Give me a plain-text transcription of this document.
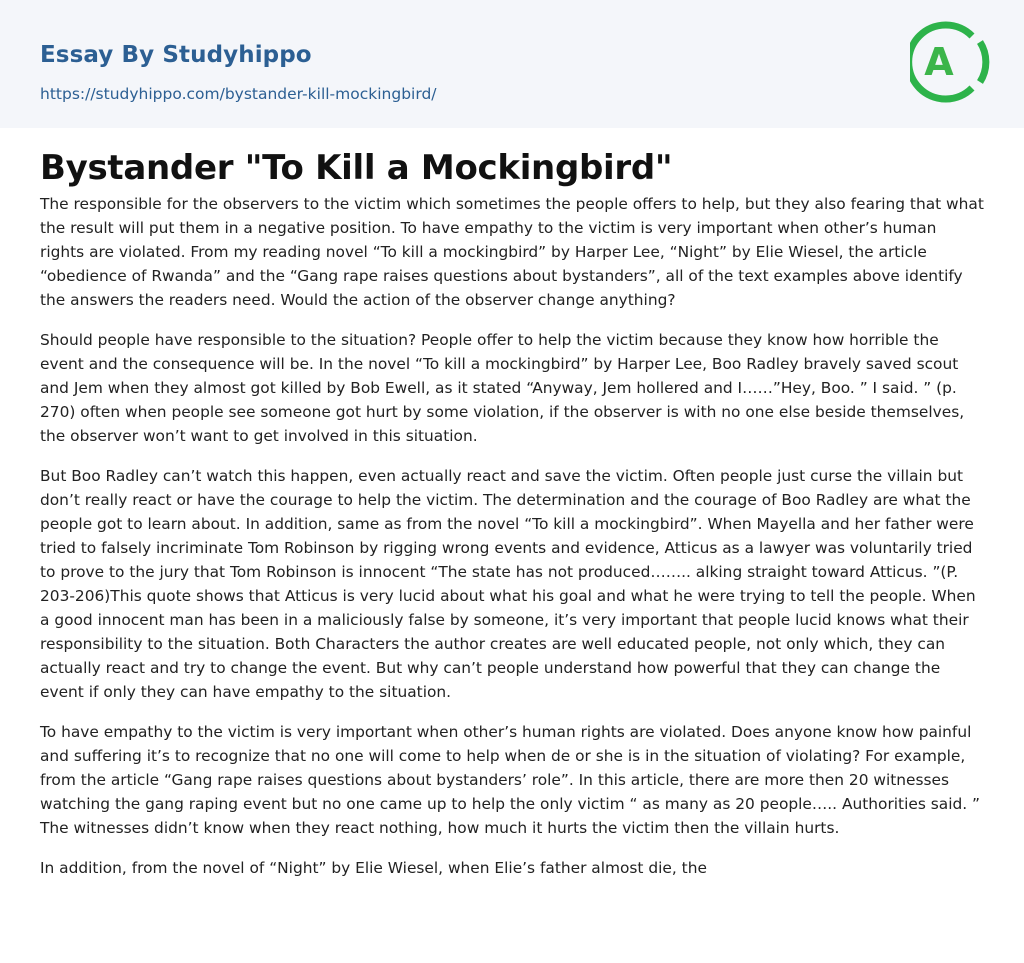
Essay By Studyhippo
https://studyhippo.com/bystander-kill-mockingbird/
A
Bystander "To Kill a Mockingbird"

The responsible for the observers to the victim which sometimes the people offers to help, but they also fearing that what the result will put them in a negative position. To have empathy to the victim is very important when other’s human rights are violated. From my reading novel “To kill a mockingbird” by Harper Lee, “Night” by Elie Wiesel, the article “obedience of Rwanda” and the “Gang rape raises questions about bystanders”, all of the text examples above identify the answers the readers need. Would the action of the observer change anything?

Should people have responsible to the situation? People offer to help the victim because they know how horrible the event and the consequence will be. In the novel “To kill a mockingbird” by Harper Lee, Boo Radley bravely saved scout and Jem when they almost got killed by Bob Ewell, as it stated “Anyway, Jem hollered and I……”Hey, Boo. ” I said. ” (p. 270) often when people see someone got hurt by some violation, if the observer is with no one else beside themselves, the observer won’t want to get involved in this situation.

But Boo Radley can’t watch this happen, even actually react and save the victim. Often people just curse the villain but don’t really react or have the courage to help the victim. The determination and the courage of Boo Radley are what the people got to learn about. In addition, same as from the novel “To kill a mockingbird”. When Mayella and her father were tried to falsely incriminate Tom Robinson by rigging wrong events and evidence, Atticus as a lawyer was voluntarily tried to prove to the jury that Tom Robinson is innocent “The state has not produced…….. alking straight toward Atticus. ”(P. 203-206)This quote shows that Atticus is very lucid about what his goal and what he were trying to tell the people. When a good innocent man has been in a maliciously false by someone, it’s very important that people lucid knows what their responsibility to the situation. Both Characters the author creates are well educated people, not only which, they can actually react and try to change the event. But why can’t people understand how powerful that they can change the event if only they can have empathy to the situation.

To have empathy to the victim is very important when other’s human rights are violated. Does anyone know how painful and suffering it’s to recognize that no one will come to help when de or she is in the situation of violating? For example, from the article “Gang rape raises questions about bystanders’ role”. In this article, there are more then 20 witnesses watching the gang raping event but no one came up to help the only victim “ as many as 20 people….. Authorities said. ” The witnesses didn’t know when they react nothing, how much it hurts the victim then the villain hurts.

In addition, from the novel of “Night” by Elie Wiesel, when Elie’s father almost die, the
